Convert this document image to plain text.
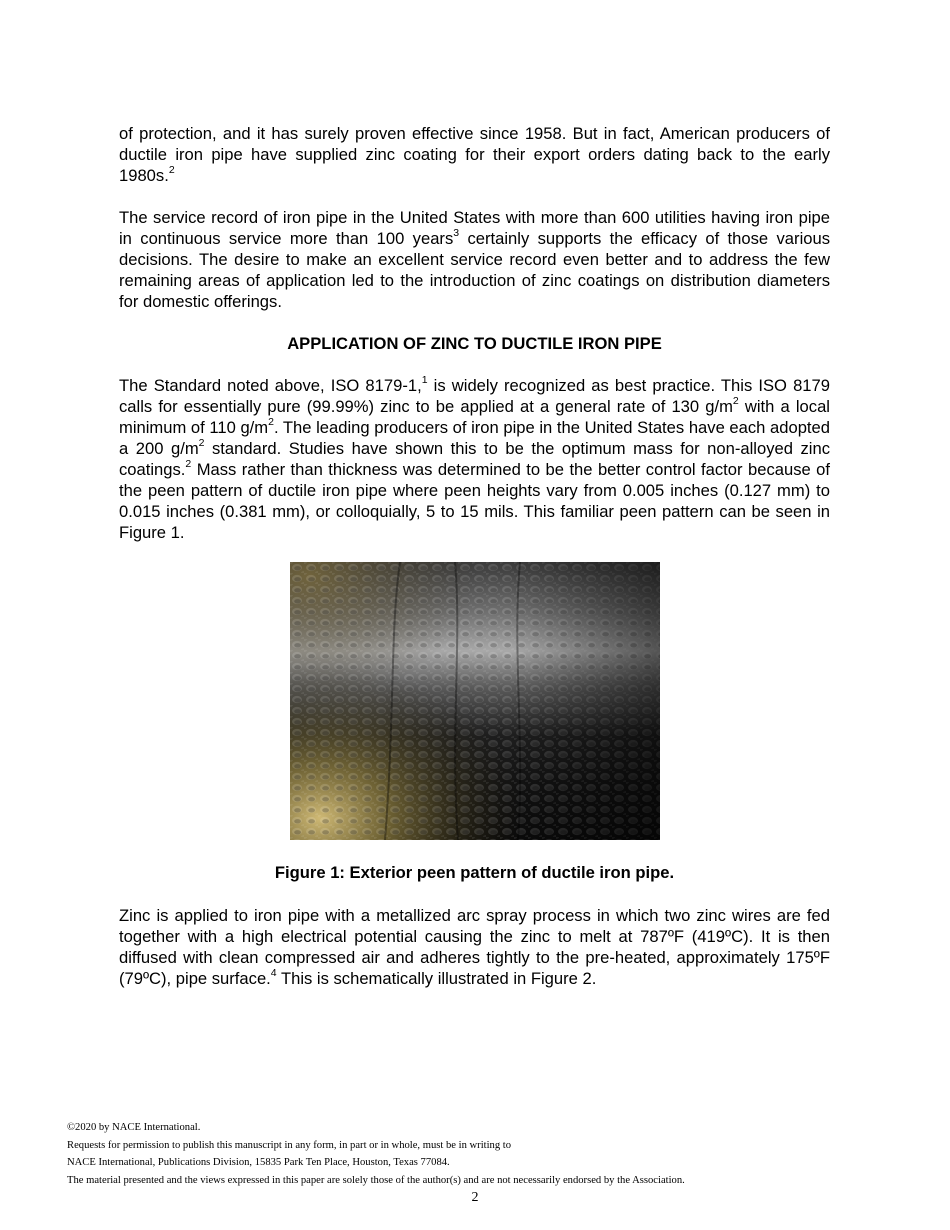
of protection, and it has surely proven effective since 1958. But in fact, American producers of ductile iron pipe have supplied zinc coating for their export orders dating back to the early 1980s.$^2$

The service record of iron pipe in the United States with more than 600 utilities having iron pipe in continuous service more than 100 years$^3$ certainly supports the efficacy of those various decisions. The desire to make an excellent service record even better and to address the few remaining areas of application led to the introduction of zinc coatings on distribution diameters for domestic offerings.

APPLICATION OF ZINC TO DUCTILE IRON PIPE

The Standard noted above, ISO 8179-1,$^1$ is widely recognized as best practice. This ISO 8179 calls for essentially pure (99.99%) zinc to be applied at a general rate of 130 $g/m^2$ with a local minimum of 110 $g/m^2$. The leading producers of iron pipe in the United States have each adopted a 200 $g/m^2$ standard. Studies have shown this to be the optimum mass for non-alloyed zinc coatings.$^2$ Mass rather than thickness was determined to be the better control factor because of the peen pattern of ductile iron pipe where peen heights vary from 0.005 inches (0.127 mm) to 0.015 inches (0.381 mm), or colloquially, 5 to 15 mils. This familiar peen pattern can be seen in Figure 1.

Figure 1: Exterior peen pattern of ductile iron pipe.

Zinc is applied to iron pipe with a metallized arc spray process in which two zinc wires are fed together with a high electrical potential causing the zinc to melt at 787ºF (419ºC). It is then diffused with clean compressed air and adheres tightly to the pre-heated, approximately 175ºF (79ºC), pipe surface.$^4$ This is schematically illustrated in Figure 2.

©2020 by NACE International.
Requests for permission to publish this manuscript in any form, in part or in whole, must be in writing to
NACE International, Publications Division, 15835 Park Ten Place, Houston, Texas 77084.
The material presented and the views expressed in this paper are solely those of the author(s) and are not necessarily endorsed by the Association.
2
